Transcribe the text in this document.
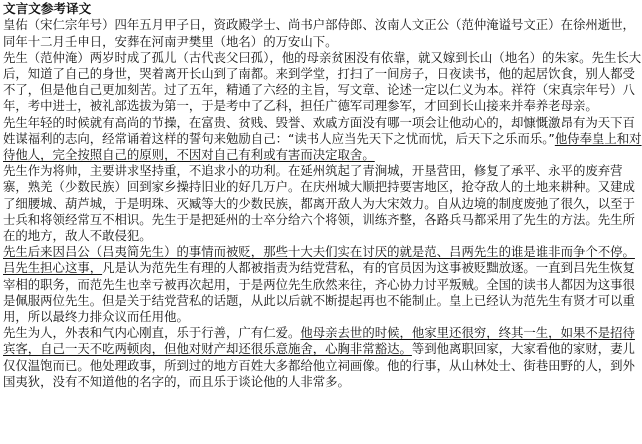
文言文参考译文

皇佑（宋仁宗年号）四年五月甲子日，资政殿学士、尚书户部侍郎、汝南人文正公（范仲淹谥号文正）在徐州逝世，同年十二月壬申日，安葬在河南尹樊里（地名）的万安山下。

先生（范仲淹）两岁时成了孤儿（古代丧父曰孤），他的母亲贫困没有依靠，就又嫁到长山（地名）的朱家。先生长大后，知道了自己的身世，哭着离开长山到了南都。来到学堂，打扫了一间房子，日夜读书，他的起居饮食，别人都受不了，但是他自己更加刻苦。过了五年，精通了六经的主旨，写文章、论述一定以仁义为本。祥符（宋真宗年号）八年，考中进士，被礼部选拔为第一，于是考中了乙科，担任广德军司理参军，才回到长山接来并奉养老母亲。

先生年轻的时候就有高尚的节操，在富贵、贫贱、毁誉、欢戚方面没有哪一项会让他动心的，却慷慨激昂有为天下百姓谋福利的志向，经常诵着这样的誓句来勉励自己：“读书人应当先天下之忧而忧，后天下之乐而乐。”他侍奉皇上和对待他人，完全按照自己的原则，不因对自己有利或有害而决定取舍。

先生作为将帅，主要讲求坚持重，不追求小的功利。在延州筑起了青涧城，开垦营田，修复了承平、永平的废弃营寨，熟羌（少数民族）回到家乡操持旧业的好几万户。在庆州城大顺把持要害地区，抢夺敌人的土地来耕种。又建成了细腰城、葫芦城，于是明珠、灭臧等大的少数民族，都离开敌人为大宋效力。自从边境的制度废弛了很久，以至于士兵和将领经常互不相识。先生于是把延州的士卒分给六个将领，训练齐整，各路兵马都采用了先生的方法。先生所在的地方，敌人不敢侵犯。

先生后来因吕公（吕夷简先生）的事情而被贬，那些十大夫们实在讨厌的就是范、吕两先生的谁是谁非而争个不停。吕先生担心这事，凡是认为范先生有理的人都被指责为结党营私，有的官员因为这事被贬黜放逐。一直到吕先生恢复宰相的职务，而范先生也幸亏被再次起用，于是两位先生欣然来往，齐心协力讨平叛贼。全国的读书人都因为这事很是佩服两位先生。但是关于结党营私的话题，从此以后就不断提起再也不能制止。皇上已经认为范先生有贤才可以重用，所以最终力排众议而任用他。

先生为人，外表和气内心刚直，乐于行善，广有仁爱。他母亲去世的时候，他家里还很穷，终其一生，如果不是招待宾客，自己一天不吃两顿肉，但他对财产却还很乐意施舍，心胸非常豁达。等到他离职回家，大家看他的家财，妻儿仅仅温饱而已。他处理政事，所到过的地方百姓大多都给他立祠画像。他的行事，从山林处士、街巷田野的人，到外国夷狄，没有不知道他的名字的，而且乐于谈论他的人非常多。
